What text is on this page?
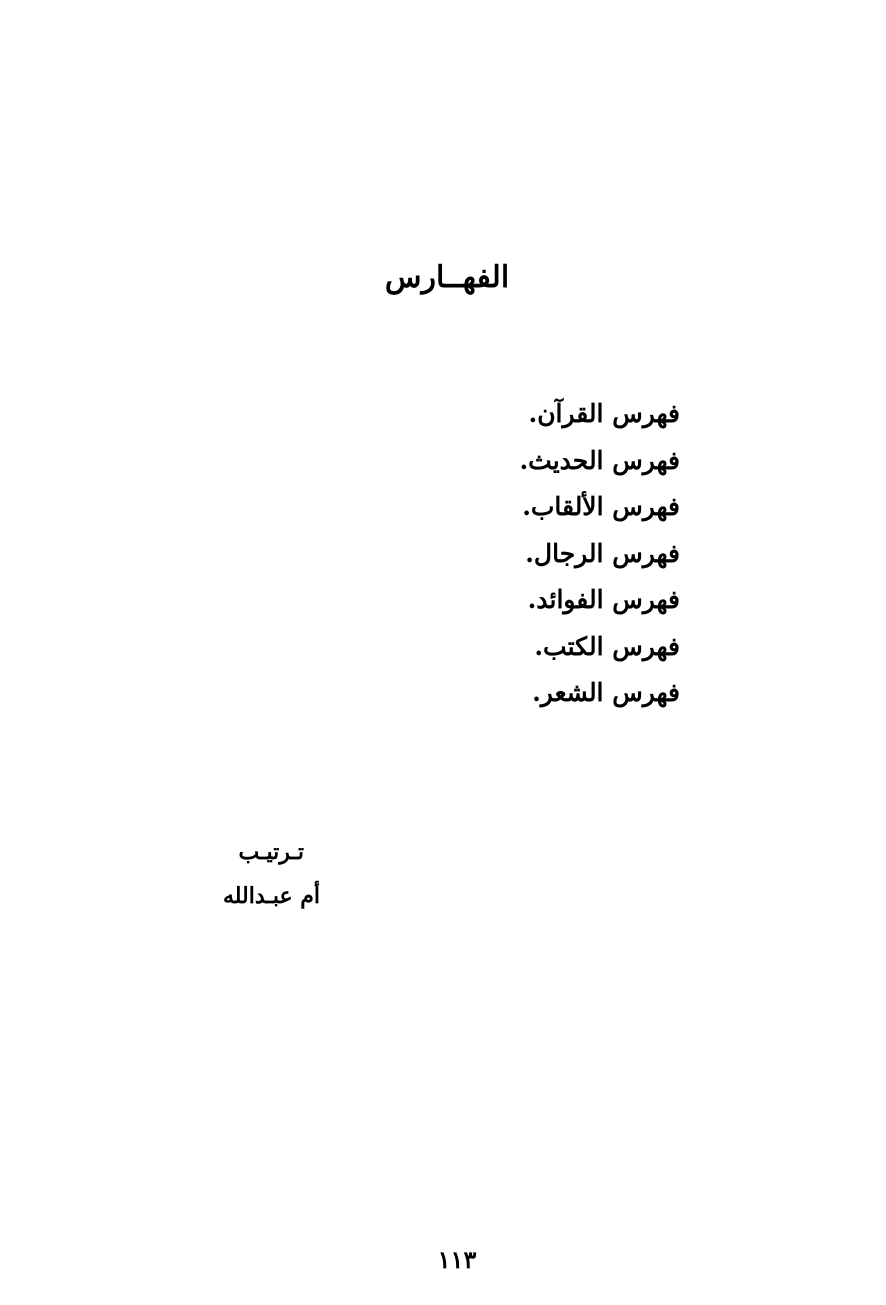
الفهــارس
فهرس القرآن.
فهرس الحديث.
فهرس الألقاب.
فهرس الرجال.
فهرس الفوائد.
فهرس الكتب.
فهرس الشعر.
تـرتيـب
أم عبـدالله
١١٣
